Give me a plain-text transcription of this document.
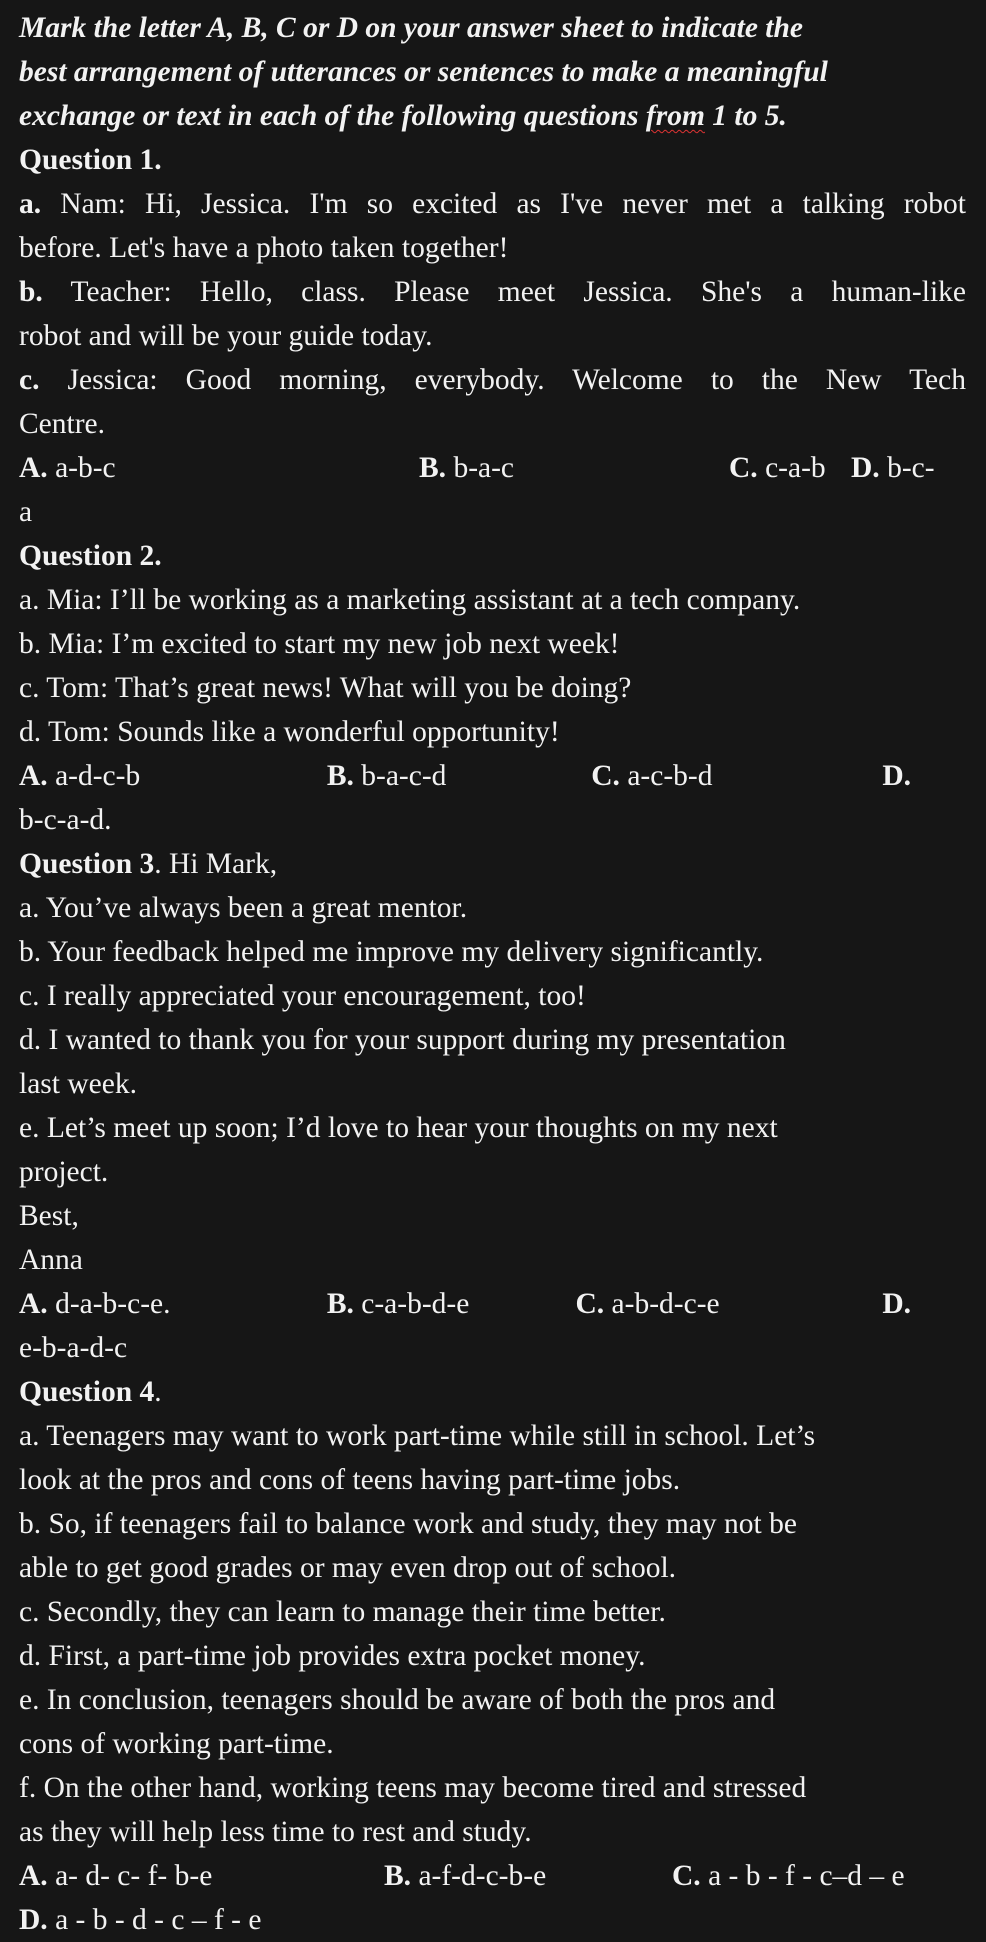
Mark the letter A, B, C or D on your answer sheet to indicate the
best arrangement of utterances or sentences to make a meaningful
exchange or text in each of the following questions from 1 to 5.
Question 1.
a. Nam: Hi, Jessica. I'm so excited as I've never met a talking robot
before. Let's have a photo taken together!
b. Teacher: Hello, class. Please meet Jessica. She's a human-like
robot and will be your guide today.
c. Jessica: Good morning, everybody. Welcome to the New Tech
Centre.
A. a-b-c	B. b-a-c	C. c-a-b D. b-c-
a
Question 2.
a. Mia: I’ll be working as a marketing assistant at a tech company.
b. Mia: I’m excited to start my new job next week!
c. Tom: That’s great news! What will you be doing?
d. Tom: Sounds like a wonderful opportunity!
A. a-d-c-b	B. b-a-c-d	C. a-c-b-d	D.
b-c-a-d.
Question 3. Hi Mark,
a. You’ve always been a great mentor.
b. Your feedback helped me improve my delivery significantly.
c. I really appreciated your encouragement, too!
d. I wanted to thank you for your support during my presentation
last week.
e. Let’s meet up soon; I’d love to hear your thoughts on my next
project.
Best,
Anna
A. d-a-b-c-e.	B. c-a-b-d-e	C. a-b-d-c-e	D.
e-b-a-d-c
Question 4.
a. Teenagers may want to work part-time while still in school. Let’s
look at the pros and cons of teens having part-time jobs.
b. So, if teenagers fail to balance work and study, they may not be
able to get good grades or may even drop out of school.
c. Secondly, they can learn to manage their time better.
d. First, a part-time job provides extra pocket money.
e. In conclusion, teenagers should be aware of both the pros and
cons of working part-time.
f. On the other hand, working teens may become tired and stressed
as they will help less time to rest and study.
A. a- d- c- f- b-e	B. a-f-d-c-b-e	C. a - b - f - c–d – e
D. a - b - d - c – f - e
